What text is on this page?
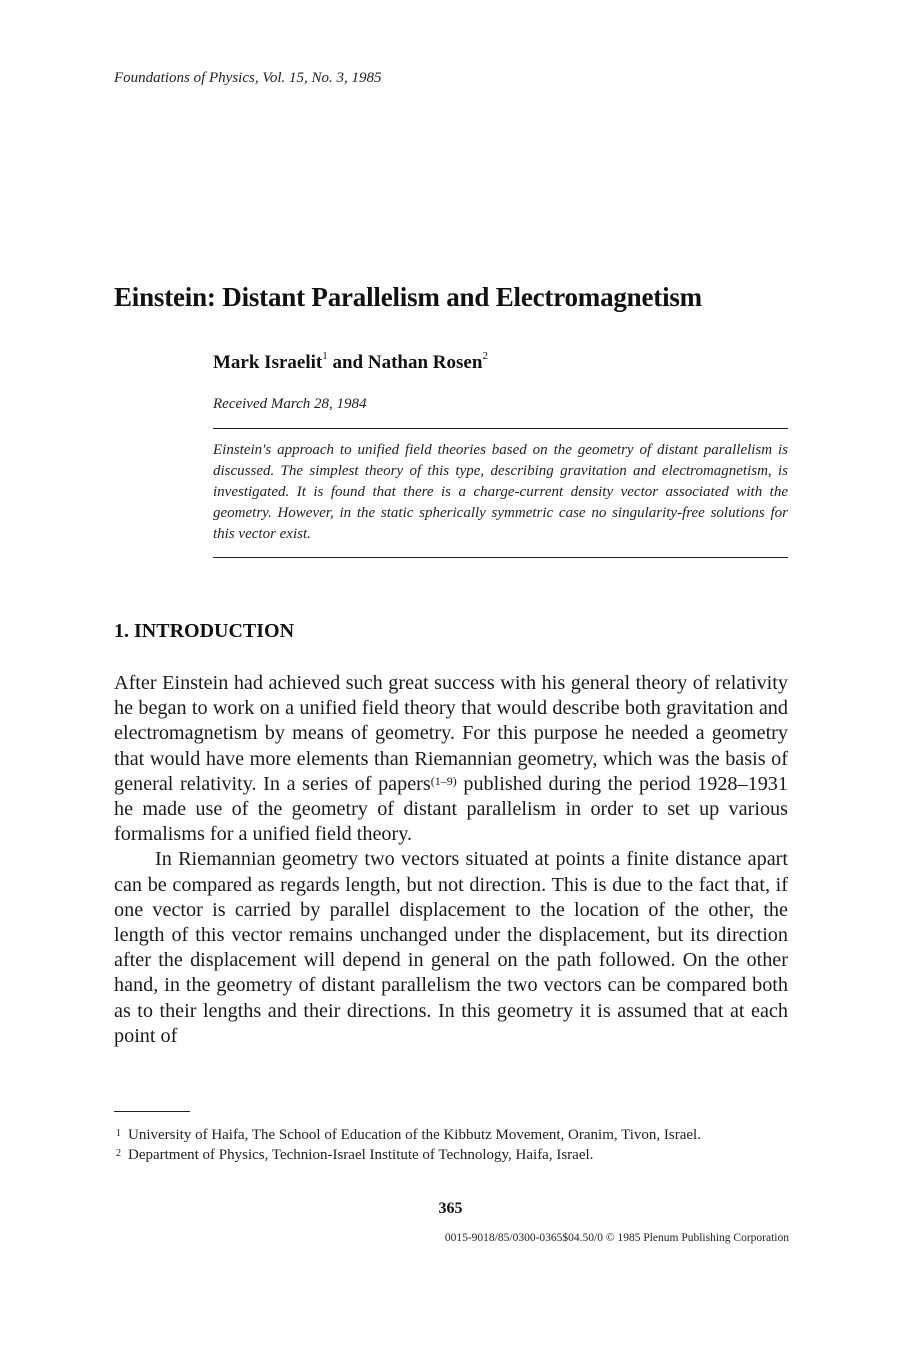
Foundations of Physics, Vol. 15, No. 3, 1985
Einstein: Distant Parallelism and Electromagnetism
Mark Israelit$^1$ and Nathan Rosen$^2$
Received March 28, 1984

Einstein's approach to unified field theories based on the geometry of distant parallelism is discussed. The simplest theory of this type, describing gravitation and electromagnetism, is investigated. It is found that there is a charge-current density vector associated with the geometry. However, in the static spherically symmetric case no singularity-free solutions for this vector exist.

1. INTRODUCTION

After Einstein had achieved such great success with his general theory of relativity he began to work on a unified field theory that would describe both gravitation and electromagnetism by means of geometry. For this purpose he needed a geometry that would have more elements than Riemannian geometry, which was the basis of general relativity. In a series of papers$^{(1-9)}$ published during the period 1928–1931 he made use of the geometry of distant parallelism in order to set up various formalisms for a unified field theory.

In Riemannian geometry two vectors situated at points a finite distance apart can be compared as regards length, but not direction. This is due to the fact that, if one vector is carried by parallel displacement to the location of the other, the length of this vector remains unchanged under the displacement, but its direction after the displacement will depend in general on the path followed. On the other hand, in the geometry of distant parallelism the two vectors can be compared both as to their lengths and their directions. In this geometry it is assumed that at each point of

$^1$ University of Haifa, The School of Education of the Kibbutz Movement, Oranim, Tivon, Israel.

$^2$ Department of Physics, Technion-Israel Institute of Technology, Haifa, Israel.

365
0015-9018/85/0300-0365$04.50/0 © 1985 Plenum Publishing Corporation
